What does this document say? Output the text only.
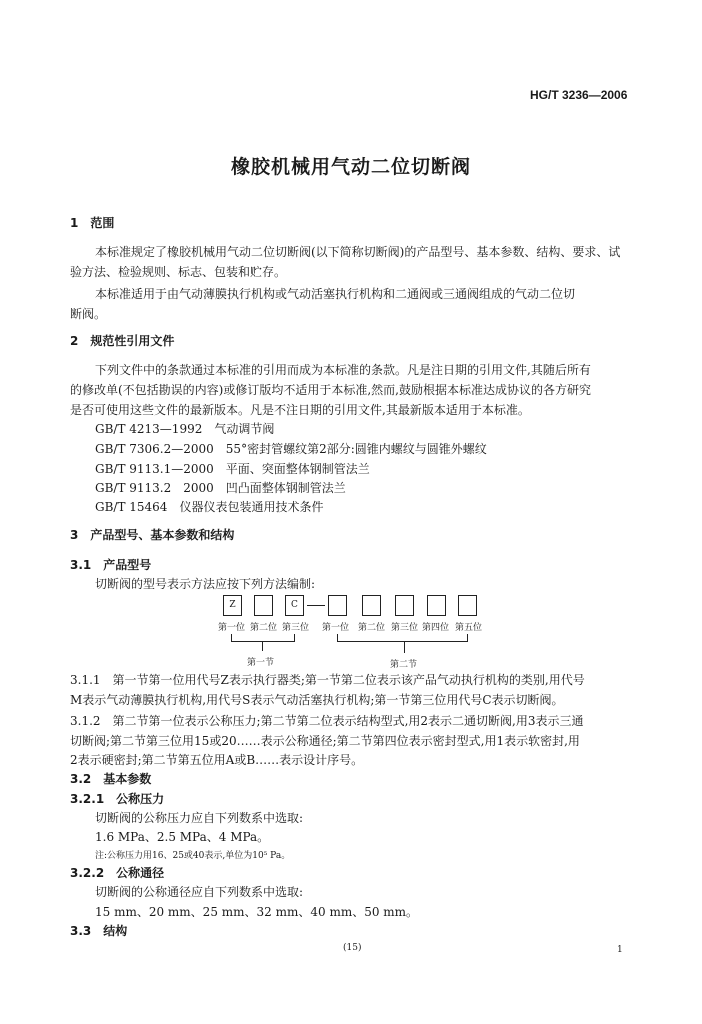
HG/T 3236—2006
橡胶机械用气动二位切断阀
1　范围
本标准规定了橡胶机械用气动二位切断阀(以下简称切断阀)的产品型号、基本参数、结构、要求、试
验方法、检验规则、标志、包装和贮存。
本标准适用于由气动薄膜执行机构或气动活塞执行机构和二通阀或三通阀组成的气动二位切
断阀。
2　规范性引用文件
下列文件中的条款通过本标准的引用而成为本标准的条款。凡是注日期的引用文件,其随后所有
的修改单(不包括勘误的内容)或修订版均不适用于本标准,然而,鼓励根据本标准达成协议的各方研究
是否可使用这些文件的最新版本。凡是不注日期的引用文件,其最新版本适用于本标准。
GB/T 4213—1992　气动调节阀
GB/T 7306.2—2000　55°密封管螺纹第2部分:圆锥内螺纹与圆锥外螺纹
GB/T 9113.1—2000　平面、突面整体钢制管法兰
GB/T 9113.2　2000　凹凸面整体钢制管法兰
GB/T 15464　仪器仪表包装通用技术条件
3　产品型号、基本参数和结构
3.1　产品型号
切断阀的型号表示方法应按下列方法编制:
Z	C
第一位 第二位 第三位 第一位 第二位 第三位 第四位 第五位
第一节	第二节
3.1.1　第一节第一位用代号Z表示执行器类;第一节第二位表示该产品气动执行机构的类别,用代号
M表示气动薄膜执行机构,用代号S表示气动活塞执行机构;第一节第三位用代号C表示切断阀。
3.1.2　第二节第一位表示公称压力;第二节第二位表示结构型式,用2表示二通切断阀,用3表示三通
切断阀;第二节第三位用15或20……表示公称通径;第二节第四位表示密封型式,用1表示软密封,用
2表示硬密封;第二节第五位用A或B……表示设计序号。
3.2　基本参数
3.2.1　公称压力
切断阀的公称压力应自下列数系中选取:
1.6 MPa、2.5 MPa、4 MPa。
注:公称压力用16、25或40表示,单位为10⁵ Pa。
3.2.2　公称通径
切断阀的公称通径应自下列数系中选取:
15 mm、20 mm、25 mm、32 mm、40 mm、50 mm。
3.3　结构
(15)	1
